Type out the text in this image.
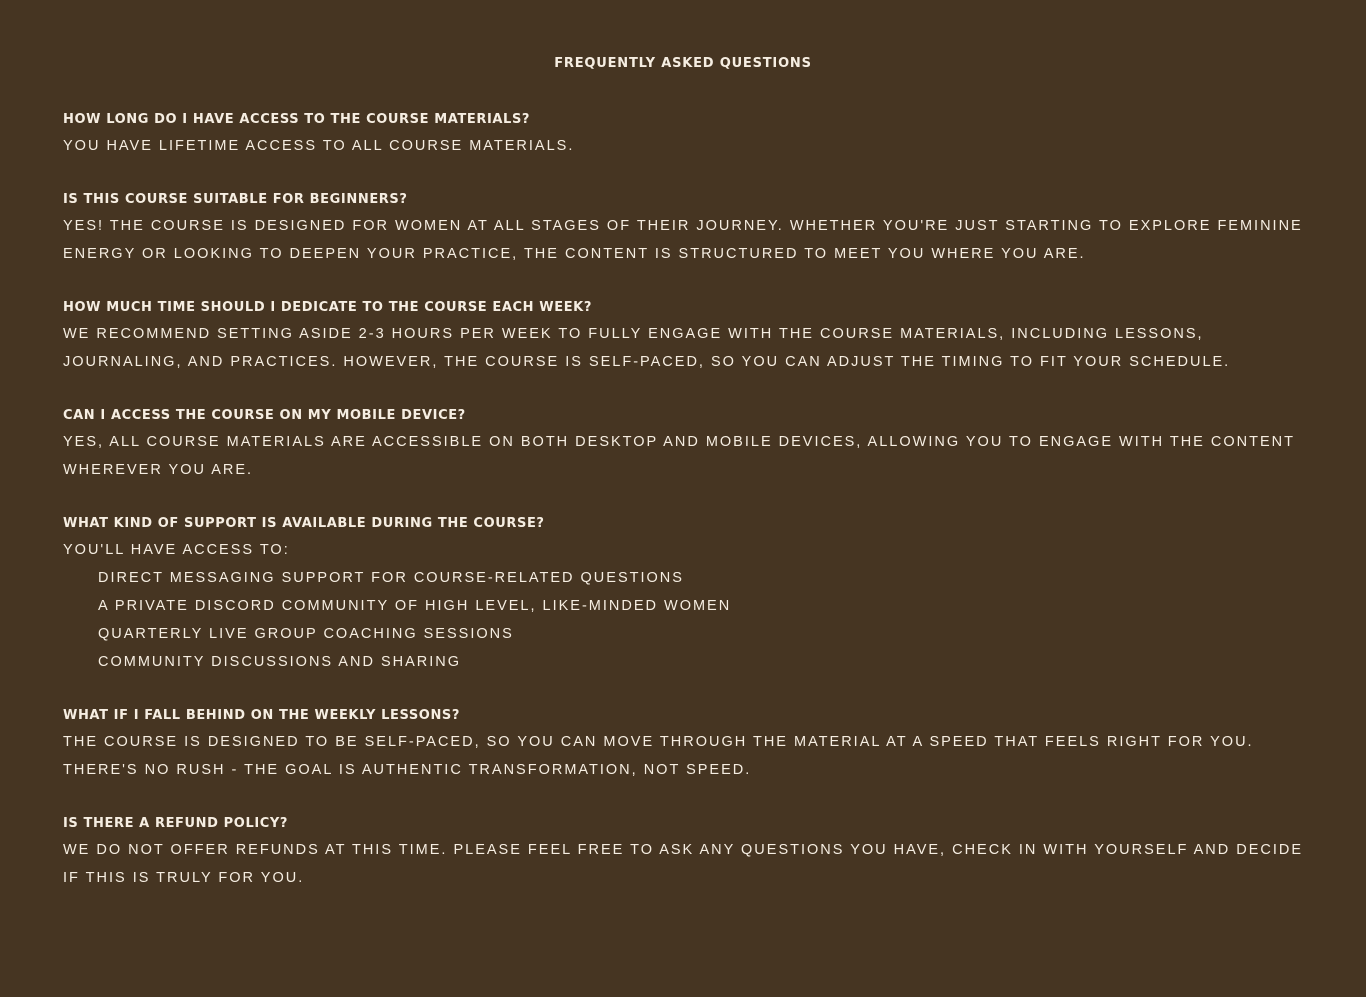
FREQUENTLY ASKED QUESTIONS
HOW LONG DO I HAVE ACCESS TO THE COURSE MATERIALS?

YOU HAVE LIFETIME ACCESS TO ALL COURSE MATERIALS.

IS THIS COURSE SUITABLE FOR BEGINNERS?

YES! THE COURSE IS DESIGNED FOR WOMEN AT ALL STAGES OF THEIR JOURNEY. WHETHER YOU'RE JUST STARTING TO EXPLORE FEMININE ENERGY OR LOOKING TO DEEPEN YOUR PRACTICE, THE CONTENT IS STRUCTURED TO MEET YOU WHERE YOU ARE.

HOW MUCH TIME SHOULD I DEDICATE TO THE COURSE EACH WEEK?

WE RECOMMEND SETTING ASIDE 2-3 HOURS PER WEEK TO FULLY ENGAGE WITH THE COURSE MATERIALS, INCLUDING LESSONS, JOURNALING, AND PRACTICES. HOWEVER, THE COURSE IS SELF-PACED, SO YOU CAN ADJUST THE TIMING TO FIT YOUR SCHEDULE.

CAN I ACCESS THE COURSE ON MY MOBILE DEVICE?

YES, ALL COURSE MATERIALS ARE ACCESSIBLE ON BOTH DESKTOP AND MOBILE DEVICES, ALLOWING YOU TO ENGAGE WITH THE CONTENT WHEREVER YOU ARE.

WHAT KIND OF SUPPORT IS AVAILABLE DURING THE COURSE?

YOU'LL HAVE ACCESS TO:

DIRECT MESSAGING SUPPORT FOR COURSE-RELATED QUESTIONS
A PRIVATE DISCORD COMMUNITY OF HIGH LEVEL, LIKE-MINDED WOMEN
QUARTERLY LIVE GROUP COACHING SESSIONS
COMMUNITY DISCUSSIONS AND SHARING
WHAT IF I FALL BEHIND ON THE WEEKLY LESSONS?

THE COURSE IS DESIGNED TO BE SELF-PACED, SO YOU CAN MOVE THROUGH THE MATERIAL AT A SPEED THAT FEELS RIGHT FOR YOU. THERE'S NO RUSH - THE GOAL IS AUTHENTIC TRANSFORMATION, NOT SPEED.

IS THERE A REFUND POLICY?

WE DO NOT OFFER REFUNDS AT THIS TIME. PLEASE FEEL FREE TO ASK ANY QUESTIONS YOU HAVE, CHECK IN WITH YOURSELF AND DECIDE IF THIS IS TRULY FOR YOU.
